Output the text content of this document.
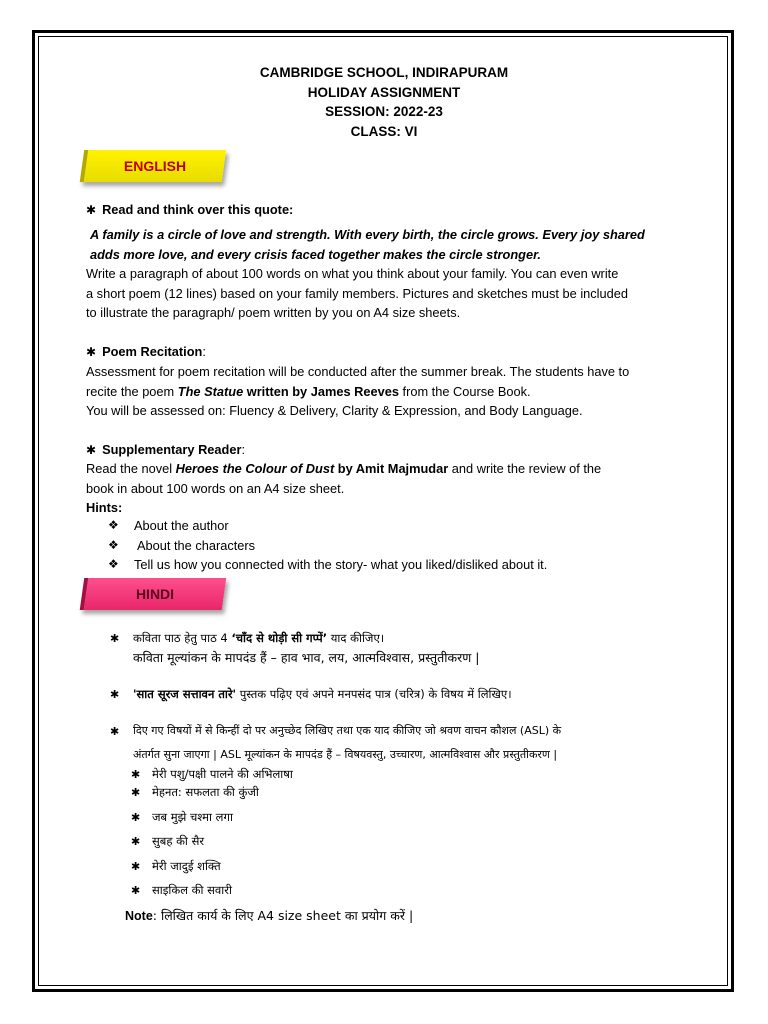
CAMBRIDGE SCHOOL, INDIRAPURAM
HOLIDAY ASSIGNMENT
SESSION: 2022-23
CLASS: VI
ENGLISH
✱ Read and think over this quote:
A family is a circle of love and strength. With every birth, the circle grows. Every joy shared
adds more love, and every crisis faced together makes the circle stronger.
Write a paragraph of about 100 words on what you think about your family. You can even write
a short poem (12 lines) based on your family members. Pictures and sketches must be included
to illustrate the paragraph/ poem written by you on A4 size sheets.
✱ Poem Recitation:
Assessment for poem recitation will be conducted after the summer break. The students have to
recite the poem The Statue written by James Reeves from the Course Book.
You will be assessed on: Fluency & Delivery, Clarity & Expression, and Body Language.
✱ Supplementary Reader:
Read the novel Heroes the Colour of Dust by Amit Majmudar and write the review of the
book in about 100 words on an A4 size sheet.
Hints:
❖ About the author
❖ About the characters
❖ Tell us how you connected with the story- what you liked/disliked about it.
HINDI
✱ कविता पाठ हेतु पाठ 4 ‘चाँद से थोड़ी सी गप्पें’ याद कीजिए।
कविता मूल्यांकन के मापदंड हैं – हाव भाव, लय, आत्मविश्वास, प्रस्तुतीकरण |
✱ 'सात सूरज सत्तावन तारे' पुस्तक पढ़िए एवं अपने मनपसंद पात्र (चरित्र) के विषय में लिखिए।
✱ दिए गए विषयों में से किन्हीं दो पर अनुच्छेद लिखिए तथा एक याद कीजिए जो श्रवण वाचन कौशल (ASL) के
अंतर्गत सुना जाएगा | ASL मूल्यांकन के मापदंड हैं – विषयवस्तु, उच्चारण, आत्मविश्वास और प्रस्तुतीकरण |
✱ मेरी पशु/पक्षी पालने की अभिलाषा
✱ मेहनत: सफलता की कुंजी
✱ जब मुझे चश्मा लगा
✱ सुबह की सैर
✱ मेरी जादुई शक्ति
✱ साइकिल की सवारी
Note: लिखित कार्य के लिए A4 size sheet का प्रयोग करें |
